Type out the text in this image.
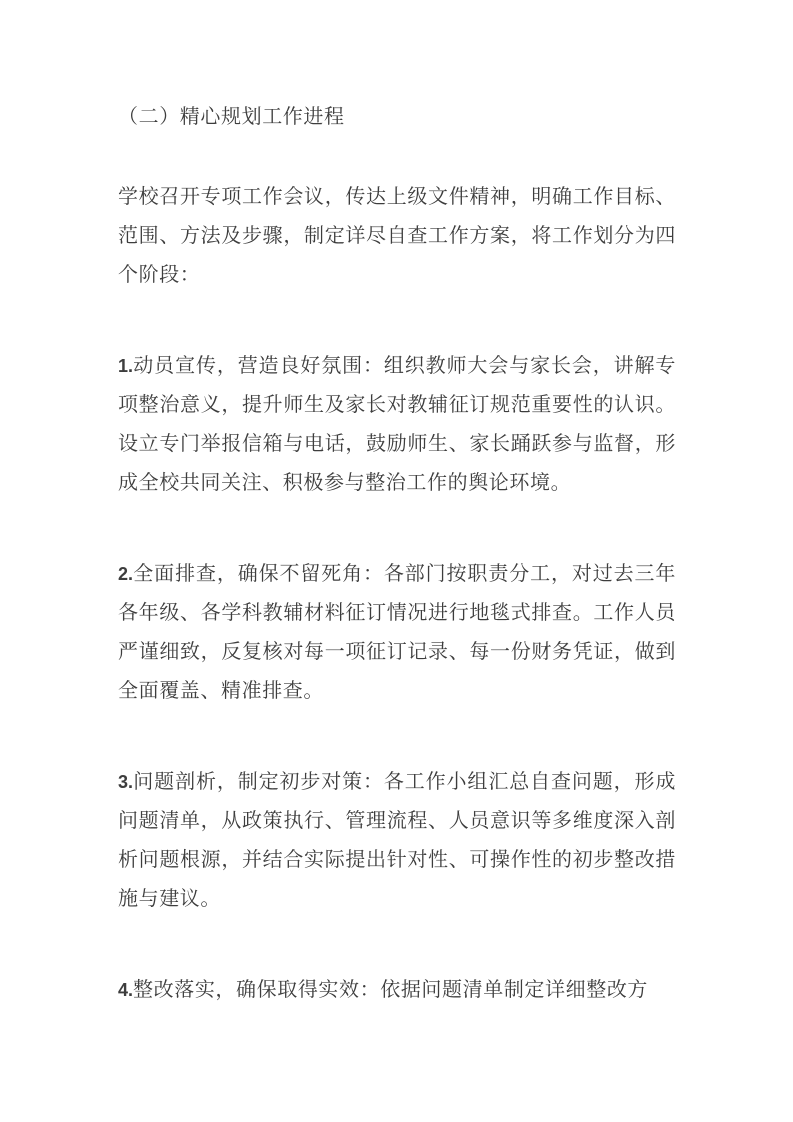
（二）精心规划工作进程

学校召开专项工作会议，传达上级文件精神，明确工作目标、范围、方法及步骤，制定详尽自查工作方案，将工作划分为四个阶段：

1.动员宣传，营造良好氛围：组织教师大会与家长会，讲解专项整治意义，提升师生及家长对教辅征订规范重要性的认识。设立专门举报信箱与电话，鼓励师生、家长踊跃参与监督，形成全校共同关注、积极参与整治工作的舆论环境。

2.全面排查，确保不留死角：各部门按职责分工，对过去三年各年级、各学科教辅材料征订情况进行地毯式排查。工作人员严谨细致，反复核对每一项征订记录、每一份财务凭证，做到全面覆盖、精准排查。

3.问题剖析，制定初步对策：各工作小组汇总自查问题，形成问题清单，从政策执行、管理流程、人员意识等多维度深入剖析问题根源，并结合实际提出针对性、可操作性的初步整改措施与建议。

4.整改落实，确保取得实效：依据问题清单制定详细整改方
